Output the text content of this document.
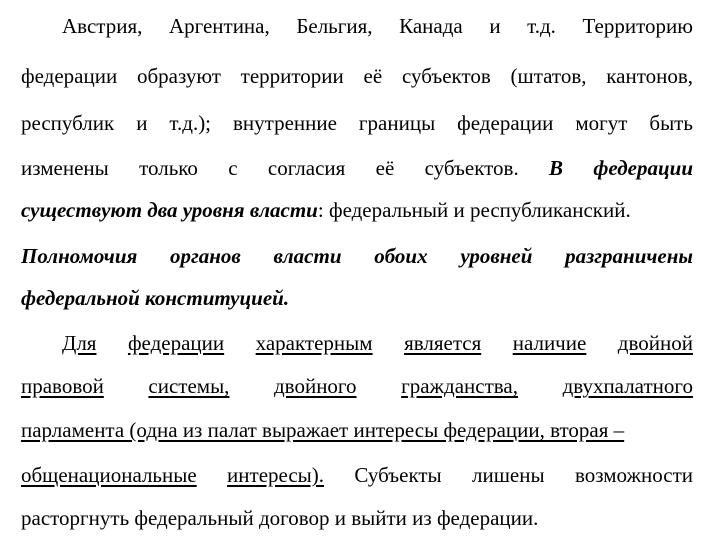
Австрия, Аргентина, Бельгия, Канада и т.д. Территорию
федерации образуют территории её субъектов (штатов, кантонов,
республик и т.д.); внутренние границы федерации могут быть
изменены только с согласия её субъектов. В федерации
существуют два уровня власти: федеральный и республиканский.
Полномочия органов власти обоих уровней разграничены
федеральной конституцией.
Для федерации характерным является наличие двойной
правовой системы, двойного гражданства, двухпалатного
парламента (одна из палат выражает интересы федерации, вторая –
общенациональные интересы). Субъекты лишены возможности
расторгнуть федеральный договор и выйти из федерации.
